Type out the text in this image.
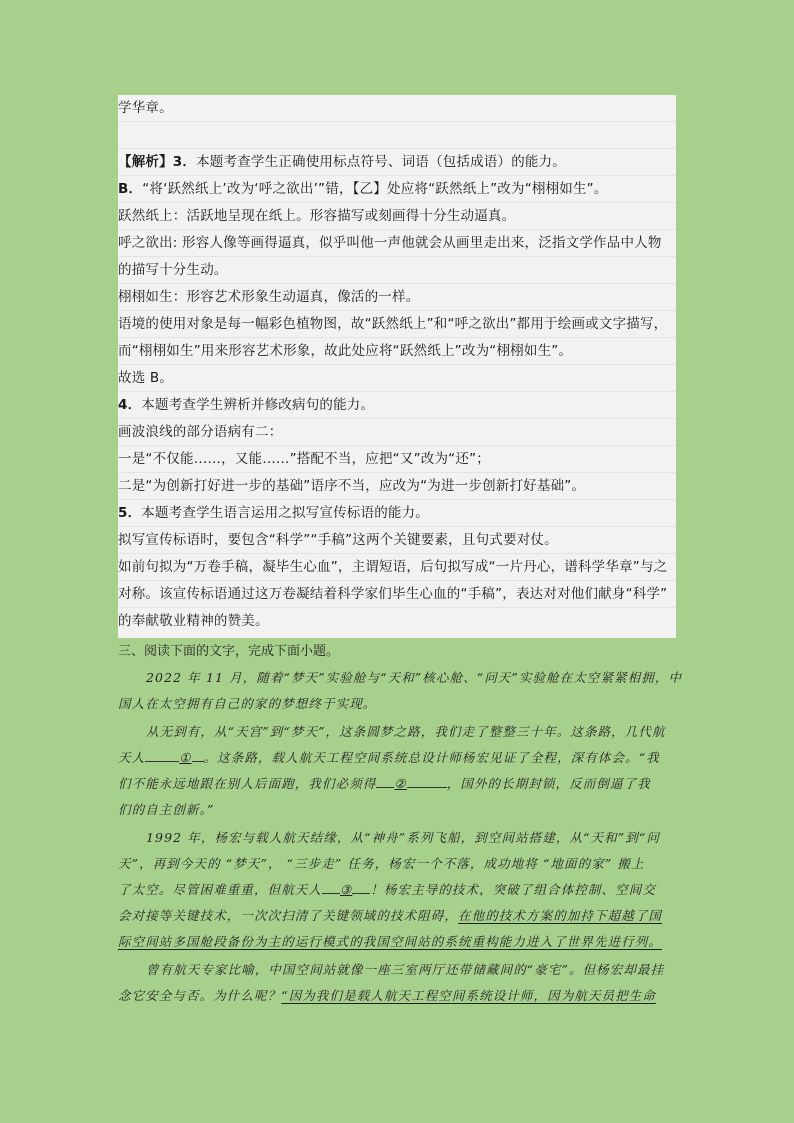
学华章。
【解析】3．本题考查学生正确使用标点符号、词语（包括成语）的能力。
B．“将‘跃然纸上’改为‘呼之欲出’”错，【乙】处应将“跃然纸上”改为“栩栩如生”。
跃然纸上：活跃地呈现在纸上。形容描写或刻画得十分生动逼真。
呼之欲出: 形容人像等画得逼真，似乎叫他一声他就会从画里走出来，泛指文学作品中人物
的描写十分生动。
栩栩如生：形容艺术形象生动逼真，像活的一样。
语境的使用对象是每一幅彩色植物图，故“跃然纸上”和“呼之欲出”都用于绘画或文字描写，
而“栩栩如生”用来形容艺术形象，故此处应将“跃然纸上”改为“栩栩如生”。
故选 B。
4．本题考查学生辨析并修改病句的能力。
画波浪线的部分语病有二：
一是“不仅能……，又能……”搭配不当，应把“又”改为“还”；
二是“为创新打好进一步的基础”语序不当，应改为“为进一步创新打好基础”。
5．本题考查学生语言运用之拟写宣传标语的能力。
拟写宣传标语时，要包含“科学”“手稿”这两个关键要素，且句式要对仗。
如前句拟为“万卷手稿，凝毕生心血”，主谓短语，后句拟写成“一片丹心，谱科学华章”与之
对称。该宣传标语通过这万卷凝结着科学家们毕生心血的“手稿”，表达对对他们献身“科学”
的奉献敬业精神的赞美。
三、阅读下面的文字，完成下面小题。
2022 年 11 月，随着“梦天”实验舱与“天和”核心舱、“问天”实验舱在太空紧紧相拥，中
国人在太空拥有自己的家的梦想终于实现。
从无到有，从“天宫”到“梦天”，这条圆梦之路，我们走了整整三十年。这条路，几代航
天人	① 。这条路，载人航天工程空间系统总设计师杨宏见证了全程，深有体会。“我
们不能永远地跟在别人后面跑，我们必须得 ②	，国外的长期封锁，反而倒逼了我
们的自主创新。”
1992 年，杨宏与载人航天结缘，从“神舟”系列飞船，到空间站搭建，从“天和”到“问
天”，再到今天的 “梦天”， “三步走” 任务，杨宏一个不落，成功地将 “地面的家” 搬上
了太空。尽管困难重重，但航天人 ③ ！杨宏主导的技术，突破了组合体控制、空间交
会对接等关键技术，一次次扫清了关键领域的技术阻碍，在他的技术方案的加持下超越了国
际空间站多国舱段备份为主的运行模式的我国空间站的系统重构能力进入了世界先进行列。
曾有航天专家比喻，中国空间站就像一座三室两厅还带储藏间的“豪宅”。但杨宏却最挂
念它安全与否。为什么呢？“因为我们是载人航天工程空间系统设计师，因为航天员把生命
